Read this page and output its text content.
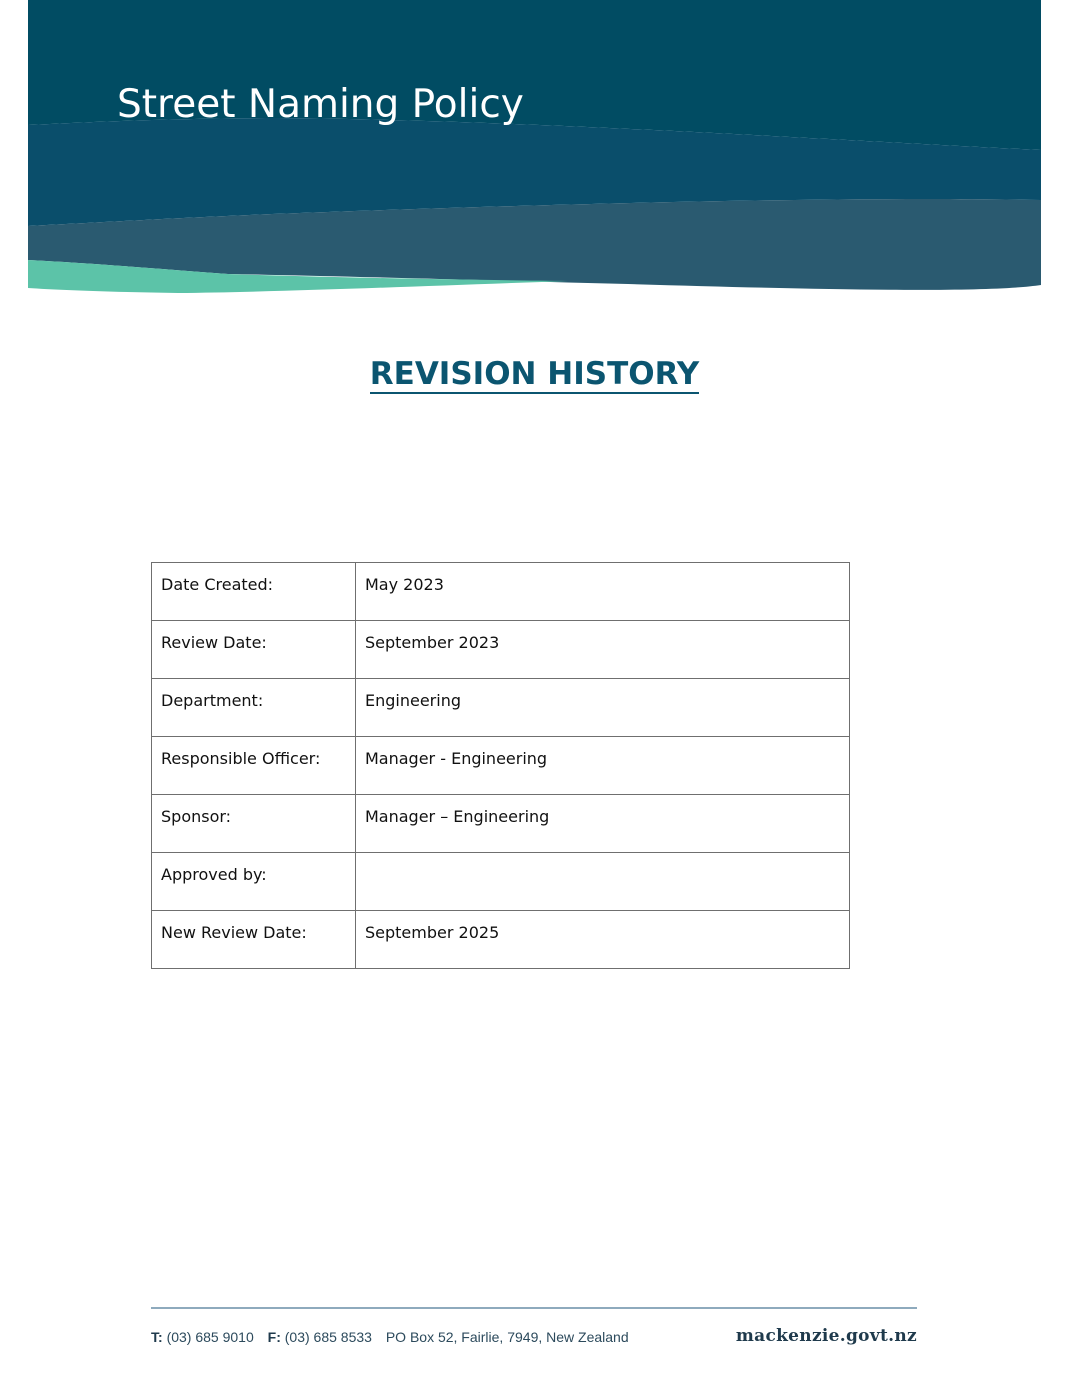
Street Naming Policy
REVISION HISTORY
Date Created:	May 2023
Review Date:	September 2023
Department:	Engineering
Responsible Officer:	Manager - Engineering
Sponsor:	Manager – Engineering
Approved by:	
New Review Date:	September 2025
T: (03) 685 9010 F: (03) 685 8533 PO Box 52, Fairlie, 7949, New Zealand	mackenzie.govt.nz
